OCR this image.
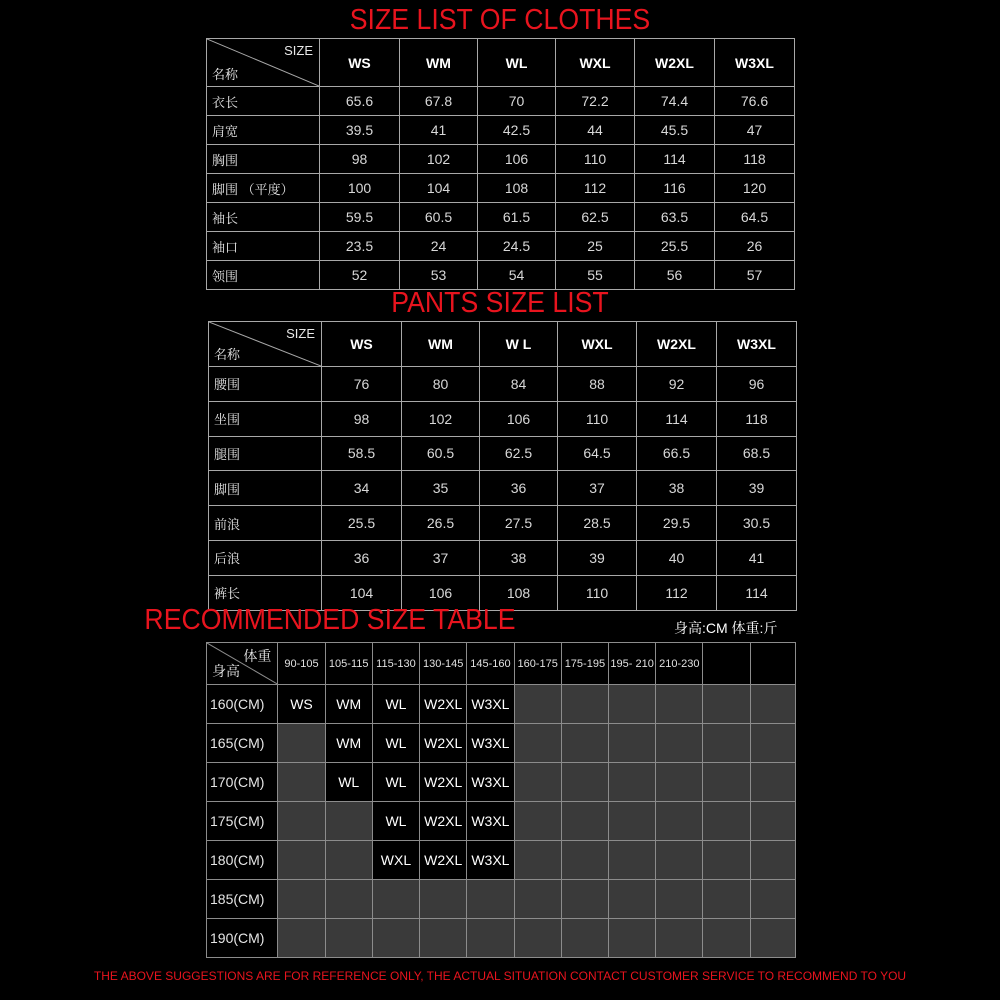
SIZE LIST OF CLOTHES
SIZE
名称	WS	WM	WL	WXL	W2XL	W3XL
衣长	65.6	67.8	70	72.2	74.4	76.6
肩宽	39.5	41	42.5	44	45.5	47
胸围	98	102	106	110	114	118
脚围 （平度）	100	104	108	112	116	120
袖长	59.5	60.5	61.5	62.5	63.5	64.5
袖口	23.5	24	24.5	25	25.5	26
领围	52	53	54	55	56	57
PANTS SIZE LIST
SIZE
名称	WS	WM	W L	WXL	W2XL	W3XL
腰围	76	80	84	88	92	96
坐围	98	102	106	110	114	118
腿围	58.5	60.5	62.5	64.5	66.5	68.5
脚围	34	35	36	37	38	39
前浪	25.5	26.5	27.5	28.5	29.5	30.5
后浪	36	37	38	39	40	41
裤长	104	106	108	110	112	114
RECOMMENDED SIZE TABLE	身高:CM 体重:斤
体重
身高	90-105	105-115	115-130	130-145	145-160	160-175	175-195	195- 210	210-230		
160(CM)	WS	WM	WL	W2XL	W3XL						
165(CM)		WM	WL	W2XL	W3XL						
170(CM)		WL	WL	W2XL	W3XL						
175(CM)			WL	W2XL	W3XL						
180(CM)			WXL	W2XL	W3XL						
185(CM)											
190(CM)											
THE ABOVE SUGGESTIONS ARE FOR REFERENCE ONLY, THE ACTUAL SITUATION CONTACT CUSTOMER SERVICE TO RECOMMEND TO YOU
